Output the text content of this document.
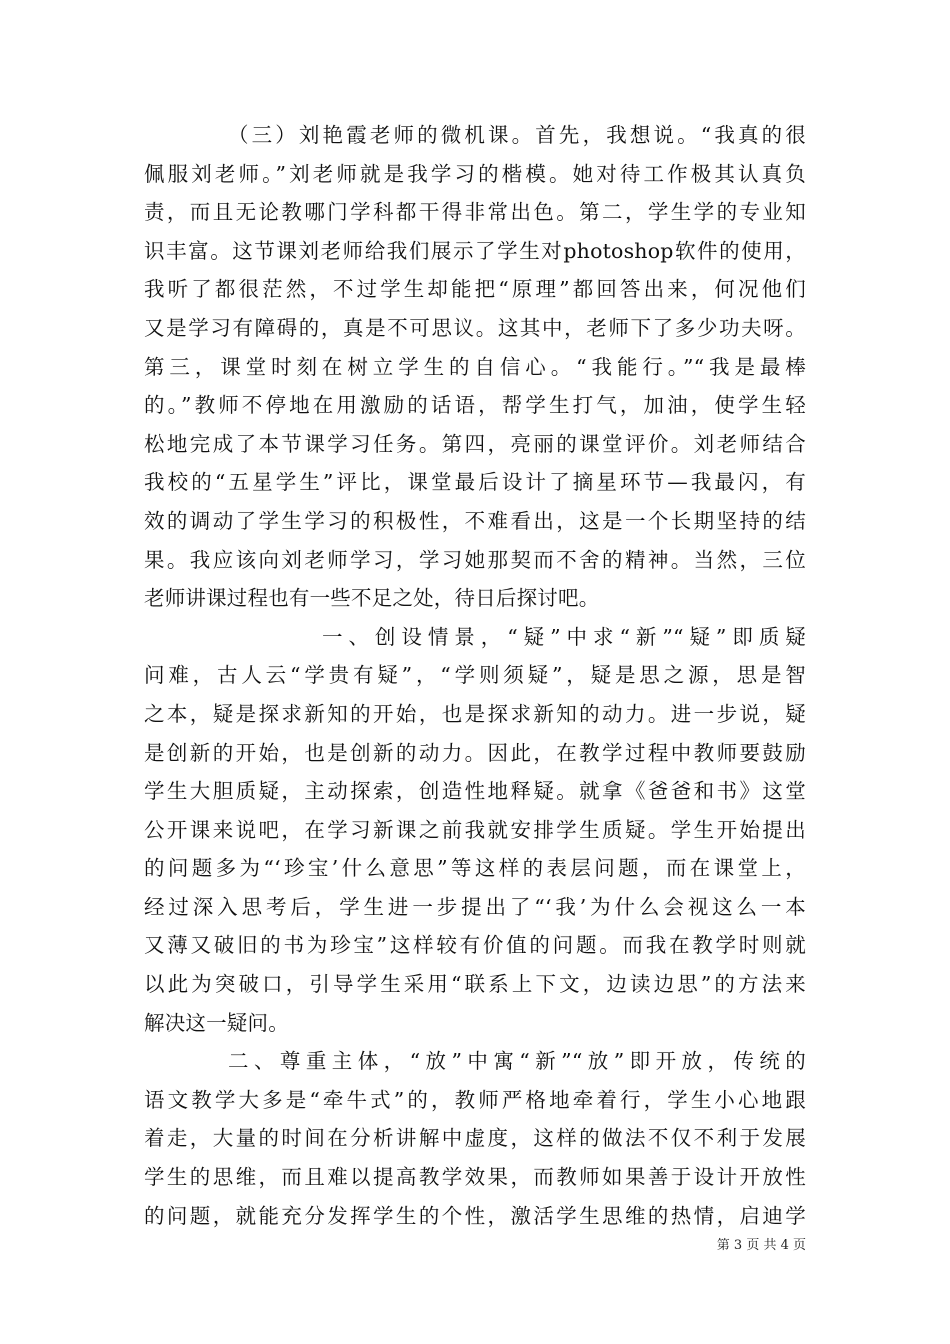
（三）刘艳霞老师的微机课。首先，我想说。“我真的很
佩服刘老师。”刘老师就是我学习的楷模。她对待工作极其认真负
责，而且无论教哪门学科都干得非常出色。第二，学生学的专业知
识丰富。这节课刘老师给我们展示了学生对photoshop软件的使用，
我听了都很茫然，不过学生却能把“原理”都回答出来，何况他们
又是学习有障碍的，真是不可思议。这其中，老师下了多少功夫呀。
第三，课堂时刻在树立学生的自信心。“我能行。”“我是最棒
的。”教师不停地在用激励的话语，帮学生打气，加油，使学生轻
松地完成了本节课学习任务。第四，亮丽的课堂评价。刘老师结合
我校的“五星学生”评比，课堂最后设计了摘星环节—我最闪，有
效的调动了学生学习的积极性，不难看出，这是一个长期坚持的结
果。我应该向刘老师学习，学习她那契而不舍的精神。当然，三位
老师讲课过程也有一些不足之处，待日后探讨吧。
一、创设情景，“疑”中求“新”“疑”即质疑
问难，古人云“学贵有疑”，“学则须疑”，疑是思之源，思是智
之本，疑是探求新知的开始，也是探求新知的动力。进一步说，疑
是创新的开始，也是创新的动力。因此，在教学过程中教师要鼓励
学生大胆质疑，主动探索，创造性地释疑。就拿《爸爸和书》这堂
公开课来说吧，在学习新课之前我就安排学生质疑。学生开始提出
的问题多为“‘珍宝’什么意思”等这样的表层问题，而在课堂上，
经过深入思考后，学生进一步提出了“‘我’为什么会视这么一本
又薄又破旧的书为珍宝”这样较有价值的问题。而我在教学时则就
以此为突破口，引导学生采用“联系上下文，边读边思”的方法来
解决这一疑问。
二、尊重主体，“放”中寓“新”“放”即开放，传统的
语文教学大多是“牵牛式”的，教师严格地牵着行，学生小心地跟
着走，大量的时间在分析讲解中虚度，这样的做法不仅不利于发展
学生的思维，而且难以提高教学效果，而教师如果善于设计开放性
的问题，就能充分发挥学生的个性，激活学生思维的热情，启迪学
第 3 页 共 4 页
